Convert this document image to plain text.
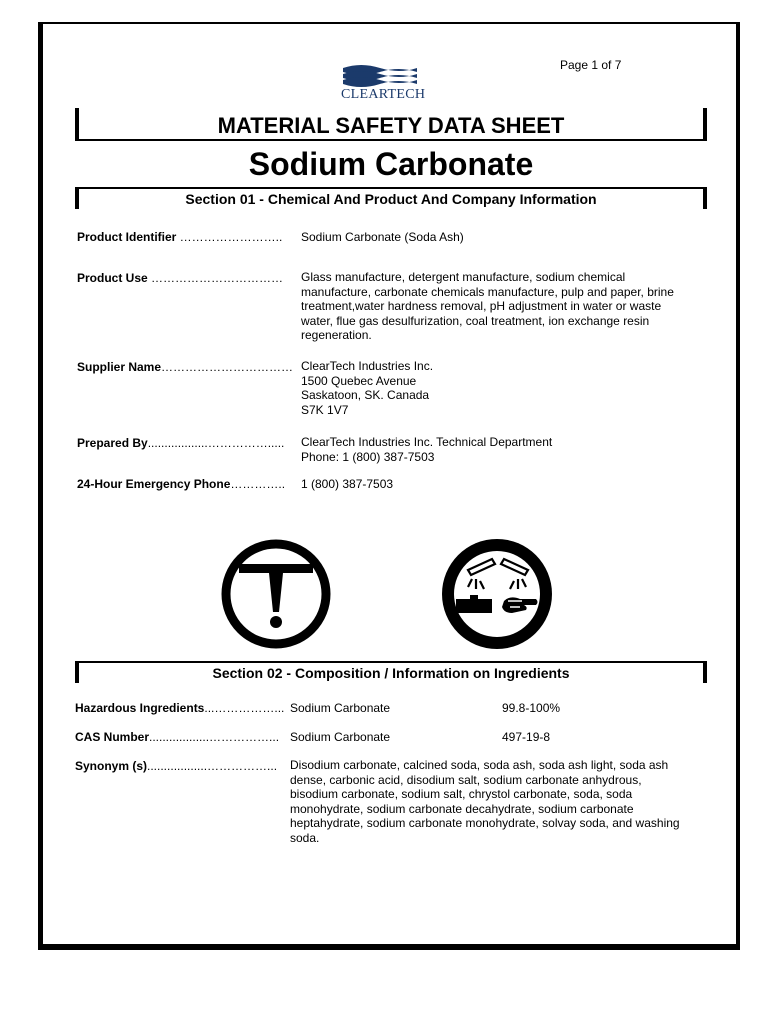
Page 1 of 7
CLEARTECH
MATERIAL SAFETY DATA SHEET
Sodium Carbonate
Section 01 - Chemical And Product And Company Information
Product Identifier …………………….. Sodium Carbonate (Soda Ash)
Product Use …………………………… Glass manufacture, detergent manufacture, sodium chemical
manufacture, carbonate chemicals manufacture, pulp and paper, brine
treatment,water hardness removal, pH adjustment in water or waste
water, flue gas desulfurization, coal treatment, ion exchange resin
regeneration.
Supplier Name…………………………… ClearTech Industries Inc.
1500 Quebec Avenue
Saskatoon, SK. Canada
S7K 1V7
Prepared By..................……………..... ClearTech Industries Inc. Technical Department
Phone: 1 (800) 387-7503
24-Hour Emergency Phone………….. 1 (800) 387-7503
Section 02 - Composition / Information on Ingredients
Hazardous Ingredients...……………... Sodium Carbonate	99.8-100%
CAS Number..................……………... Sodium Carbonate	497-19-8
Synonym (s)..................……………... Disodium carbonate, calcined soda, soda ash, soda ash light, soda ash
dense, carbonic acid, disodium salt, sodium carbonate anhydrous,
bisodium carbonate, sodium salt, chrystol carbonate, soda, soda
monohydrate, sodium carbonate decahydrate, sodium carbonate
heptahydrate, sodium carbonate monohydrate, solvay soda, and washing
soda.
